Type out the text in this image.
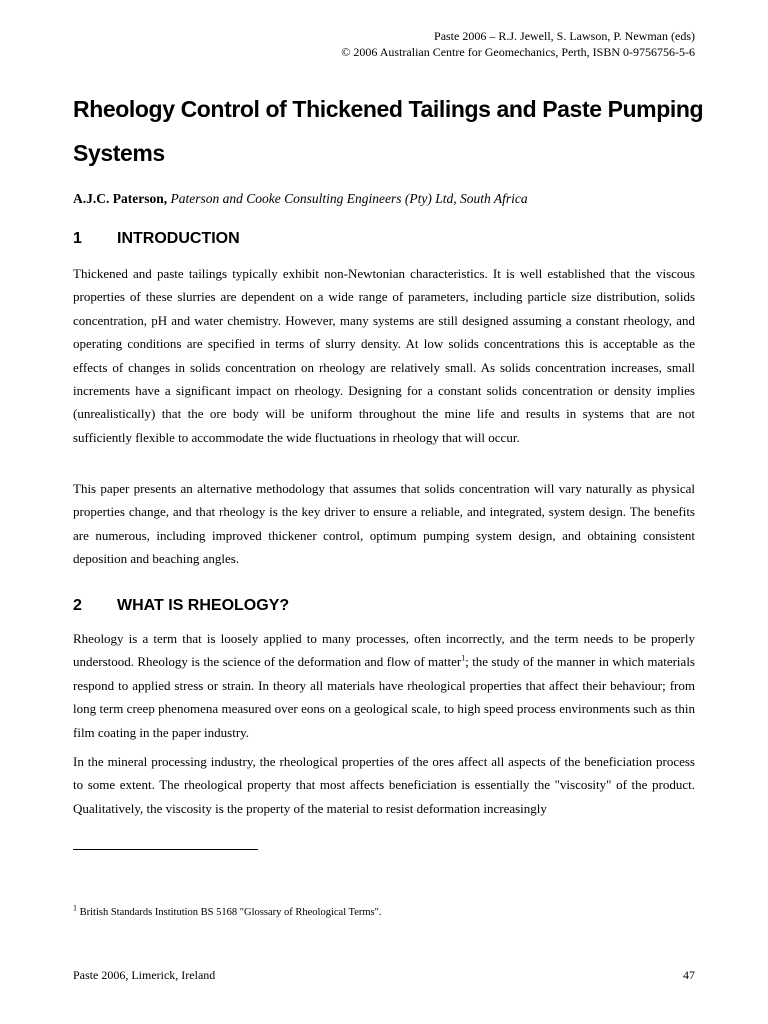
Paste 2006 – R.J. Jewell, S. Lawson, P. Newman (eds)
© 2006 Australian Centre for Geomechanics, Perth, ISBN 0-9756756-5-6
Rheology Control of Thickened Tailings and Paste Pumping Systems

A.J.C. Paterson, Paterson and Cooke Consulting Engineers (Pty) Ltd, South Africa

1 INTRODUCTION

Thickened and paste tailings typically exhibit non-Newtonian characteristics. It is well established that the viscous properties of these slurries are dependent on a wide range of parameters, including particle size distribution, solids concentration, pH and water chemistry. However, many systems are still designed assuming a constant rheology, and operating conditions are specified in terms of slurry density. At low solids concentrations this is acceptable as the effects of changes in solids concentration on rheology are relatively small. As solids concentration increases, small increments have a significant impact on rheology. Designing for a constant solids concentration or density implies (unrealistically) that the ore body will be uniform throughout the mine life and results in systems that are not sufficiently flexible to accommodate the wide fluctuations in rheology that will occur.

This paper presents an alternative methodology that assumes that solids concentration will vary naturally as physical properties change, and that rheology is the key driver to ensure a reliable, and integrated, system design. The benefits are numerous, including improved thickener control, optimum pumping system design, and obtaining consistent deposition and beaching angles.

2 WHAT IS RHEOLOGY?

Rheology is a term that is loosely applied to many processes, often incorrectly, and the term needs to be properly understood. Rheology is the science of the deformation and flow of matter$^1$; the study of the manner in which materials respond to applied stress or strain. In theory all materials have rheological properties that affect their behaviour; from long term creep phenomena measured over eons on a geological scale, to high speed process environments such as thin film coating in the paper industry.

In the mineral processing industry, the rheological properties of the ores affect all aspects of the beneficiation process to some extent. The rheological property that most affects beneficiation is essentially the "viscosity" of the product. Qualitatively, the viscosity is the property of the material to resist deformation increasingly

$^1$ British Standards Institution BS 5168 "Glossary of Rheological Terms".

Paste 2006, Limerick, Ireland	47
